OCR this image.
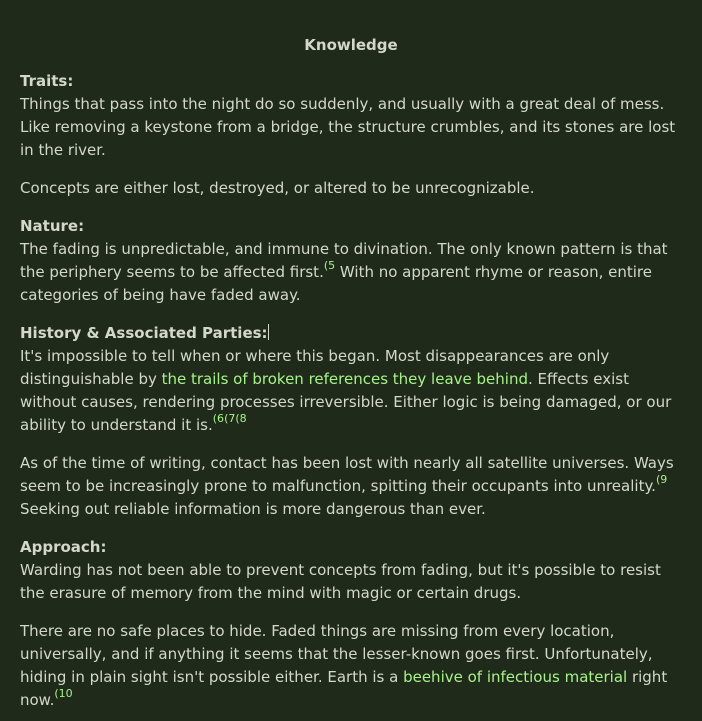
Knowledge

Traits:
Things that pass into the night do so suddenly, and usually with a great deal of mess. Like removing a keystone from a bridge, the structure crumbles, and its stones are lost in the river.

Concepts are either lost, destroyed, or altered to be unrecognizable.

Nature:
The fading is unpredictable, and immune to divination. The only known pattern is that the periphery seems to be affected first.$^{(5}$ With no apparent rhyme or reason, entire categories of being have faded away.

History & Associated Parties:
It's impossible to tell when or where this began. Most disappearances are only distinguishable by the trails of broken references they leave behind. Effects exist without causes, rendering processes irreversible. Either logic is being damaged, or our ability to understand it is.$^{(6(7(8}$

As of the time of writing, contact has been lost with nearly all satellite universes. Ways seem to be increasingly prone to malfunction, spitting their occupants into unreality.$^{(9}$ Seeking out reliable information is more dangerous than ever.

Approach:
Warding has not been able to prevent concepts from fading, but it's possible to resist the erasure of memory from the mind with magic or certain drugs.

There are no safe places to hide. Faded things are missing from every location, universally, and if anything it seems that the lesser-known goes first. Unfortunately, hiding in plain sight isn't possible either. Earth is a beehive of infectious material right now.$^{(10}$
